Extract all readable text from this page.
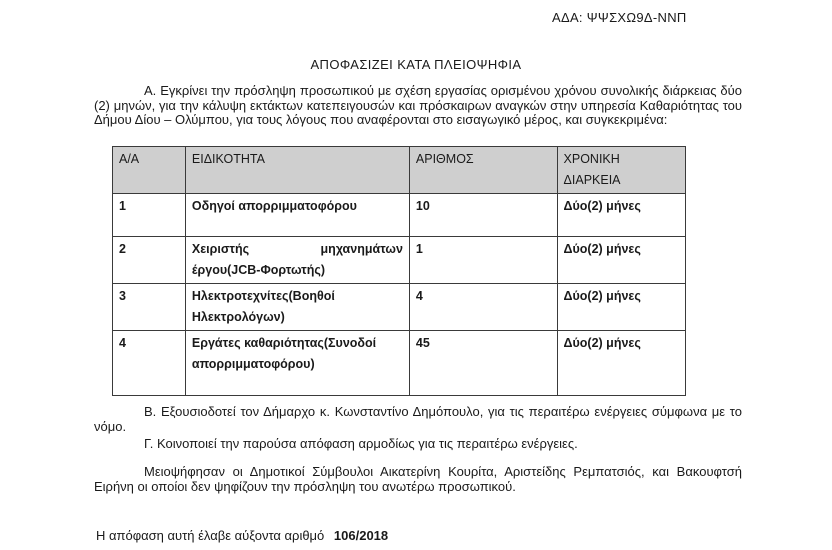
ΑΔΑ: ΨΨΣΧΩ9Δ-ΝΝΠ
ΑΠΟΦΑΣΙΖΕΙ ΚΑΤΑ ΠΛΕΙΟΨΗΦΙΑ
Α. Εγκρίνει την πρόσληψη προσωπικού με σχέση εργασίας ορισμένου χρόνου συνολικής διάρκειας δύο (2) μηνών, για την κάλυψη εκτάκτων κατεπειγουσών και πρόσκαιρων αναγκών στην υπηρεσία Καθαριότητας του Δήμου Δίου – Ολύμπου, για τους λόγους που αναφέρονται στο εισαγωγικό μέρος, και συγκεκριμένα:
Α/Α	ΕΙΔΙΚΟΤΗΤΑ	ΑΡΙΘΜΟΣ	ΧΡΟΝΙΚΗ ΔΙΑΡΚΕΙΑ
1	Οδηγοί απορριμματοφόρου	10	Δύο(2) μήνες
2	Χειριστής μηχανημάτων έργου(JCB-Φορτωτής)	1	Δύο(2) μήνες
3	Ηλεκτροτεχνίτες(Βοηθοί Ηλεκτρολόγων)	4	Δύο(2) μήνες
4	Εργάτες καθαριότητας(Συνοδοί απορριμματοφόρου)	45	Δύο(2) μήνες
Β. Εξουσιοδοτεί τον Δήμαρχο κ. Κωνσταντίνο Δημόπουλο, για τις περαιτέρω ενέργειες σύμφωνα με το νόμο.
Γ. Κοινοποιεί την παρούσα απόφαση αρμοδίως για τις περαιτέρω ενέργειες.
Μειοψήφησαν οι Δημοτικοί Σύμβουλοι Αικατερίνη Κουρίτα, Αριστείδης Ρεμπατσιός, και Βακουφτσή Ειρήνη οι οποίοι δεν ψηφίζουν την πρόσληψη του ανωτέρω προσωπικού.
Η απόφαση αυτή έλαβε αύξοντα αριθμό 106/2018
